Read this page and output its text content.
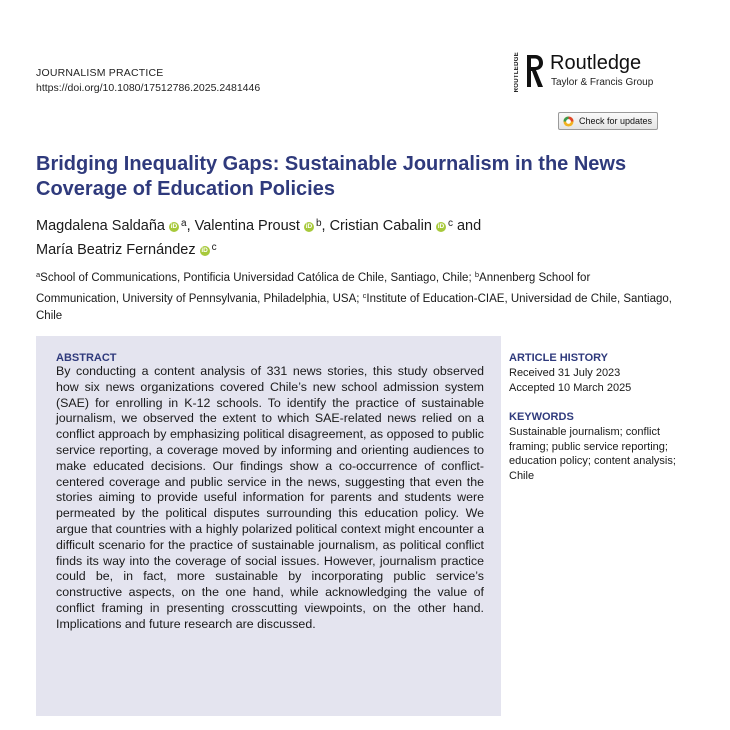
JOURNALISM PRACTICE
https://doi.org/10.1080/17512786.2025.2481446	ROUTLEDGE Routledge
Taylor & Francis Group
Check for updates
Bridging Inequality Gaps: Sustainable Journalism in the News Coverage of Education Policies
Magdalena Saldaña iD $^a$, Valentina Proust iD $^b$, Cristian Cabalin iD $^c$ and
María Beatriz Fernández iD $^c$
$^a$School of Communications, Pontificia Universidad Católica de Chile, Santiago, Chile; $^b$Annenberg School for Communication, University of Pennsylvania, Philadelphia, USA; $^c$Institute of Education-CIAE, Universidad de Chile, Santiago, Chile
ABSTRACT

By conducting a content analysis of 331 news stories, this study observed how six news organizations covered Chile’s new school admission system (SAE) for enrolling in K-12 schools. To identify the practice of sustainable journalism, we observed the extent to which SAE-related news relied on a conflict approach by emphasizing political disagreement, as opposed to public service reporting, a coverage moved by informing and orienting audiences to make educated decisions. Our findings show a co-occurrence of conflict-centered coverage and public service in the news, suggesting that even the stories aiming to provide useful information for parents and students were permeated by the political disputes surrounding this education policy. We argue that countries with a highly polarized political context might encounter a difficult scenario for the practice of sustainable journalism, as political conflict finds its way into the coverage of social issues. However, journalism practice could be, in fact, more sustainable by incorporating public service’s constructive aspects, on the one hand, while acknowledging the value of conflict framing in presenting crosscutting viewpoints, on the other hand. Implications and future research are discussed.

ARTICLE HISTORY
Received 31 July 2023
Accepted 10 March 2025
KEYWORDS
Sustainable journalism; conflict framing; public service reporting; education policy; content analysis; Chile
